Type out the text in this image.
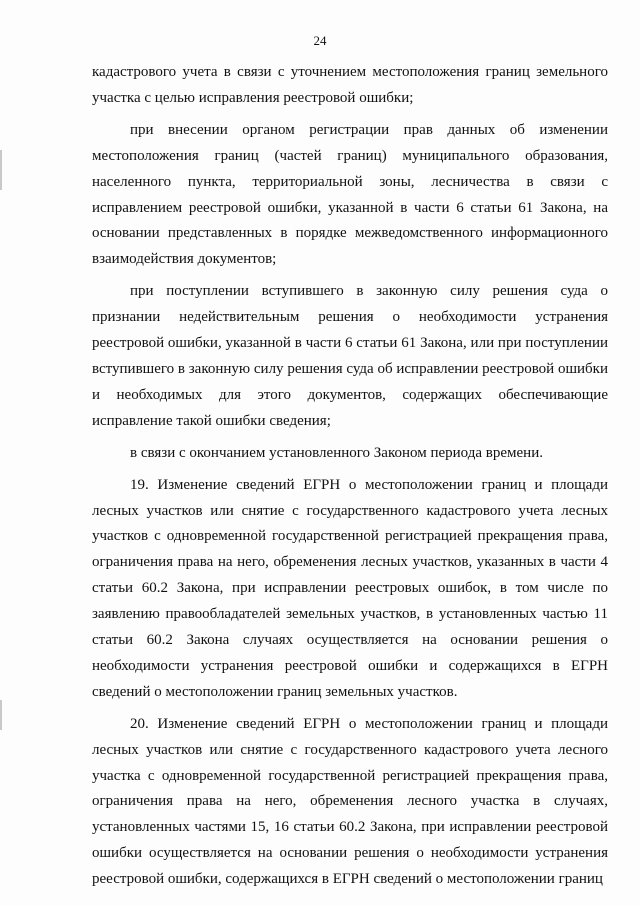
24

кадастрового учета в связи с уточнением местоположения границ земельного участка с целью исправления реестровой ошибки;

при внесении органом регистрации прав данных об изменении местоположения границ (частей границ) муниципального образования, населенного пункта, территориальной зоны, лесничества в связи с исправлением реестровой ошибки, указанной в части 6 статьи 61 Закона, на основании представленных в порядке межведомственного информационного взаимодействия документов;

при поступлении вступившего в законную силу решения суда о признании недействительным решения о необходимости устранения реестровой ошибки, указанной в части 6 статьи 61 Закона, или при поступлении вступившего в законную силу решения суда об исправлении реестровой ошибки и необходимых для этого документов, содержащих обеспечивающие исправление такой ошибки сведения;

в связи с окончанием установленного Законом периода времени.

19. Изменение сведений ЕГРН о местоположении границ и площади лесных участков или снятие с государственного кадастрового учета лесных участков с одновременной государственной регистрацией прекращения права, ограничения права на него, обременения лесных участков, указанных в части 4 статьи 60.2 Закона, при исправлении реестровых ошибок, в том числе по заявлению правообладателей земельных участков, в установленных частью 11 статьи 60.2 Закона случаях осуществляется на основании решения о необходимости устранения реестровой ошибки и содержащихся в ЕГРН сведений о местоположении границ земельных участков.

20. Изменение сведений ЕГРН о местоположении границ и площади лесных участков или снятие с государственного кадастрового учета лесного участка с одновременной государственной регистрацией прекращения права, ограничения права на него, обременения лесного участка в случаях, установленных частями 15, 16 статьи 60.2 Закона, при исправлении реестровой ошибки осуществляется на основании решения о необходимости устранения реестровой ошибки, содержащихся в ЕГРН сведений о местоположении границ
